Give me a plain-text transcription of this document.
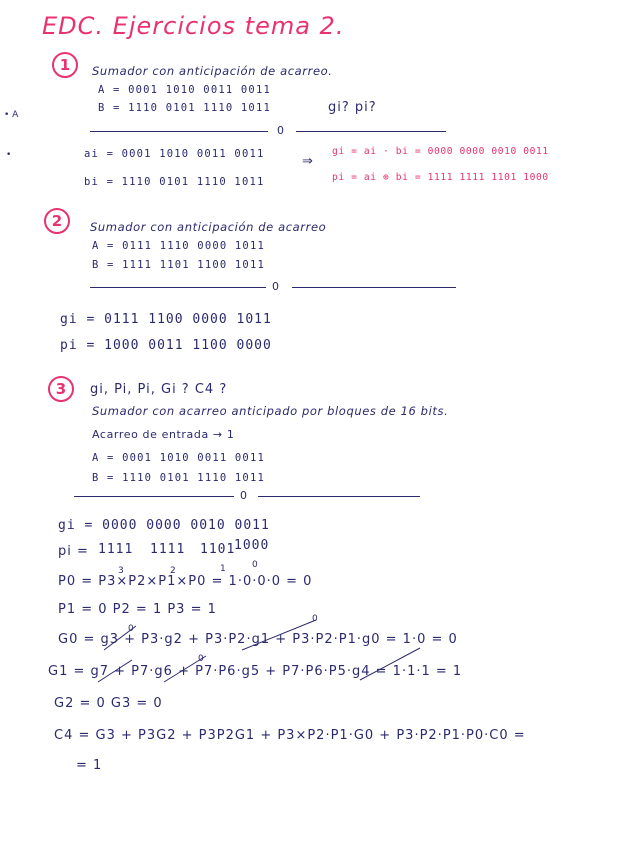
EDC. Ejercicios tema 2.
• A
•
1	Sumador con anticipación de acarreo.
A = 0001 1010 0011 0011
B = 1110 0101 1110 1011	gi? pi?
0
ai = 0001 1010 0011 0011
bi = 1110 0101 1110 1011
⇒
gi = ai · bi = 0000 0000 0010 0011
pi = ai ⊕ bi = 1111 1111 1101 1000
2	Sumador con anticipación de acarreo
A = 0111 1110 0000 1011
B = 1111 1101 1100 1011
0
gi = 0111 1100 0000 1011
pi = 1000 0011 1100 0000
3	gi, Pi, Pi, Gi ? C4 ?
Sumador con acarreo anticipado por bloques de 16 bits.
Acarreo de entrada → 1
A = 0001 1010 0011 0011
B = 1110 0101 1110 1011
0
gi = 0000 0000 0010 0011
pi = 1111 1111 1101
1000
3	2	1	0
P0 = P3×P2×P1×P0 = 1·0·0·0 = 0
P1 = 0 P2 = 1 P3 = 1
G0 = g3 + P3·g2 + P3·P2·g1 + P3·P2·P1·g0 = 1·0 = 0
G1 = g7 + P7·g6 + P7·P6·g5 + P7·P6·P5·g4 = 1·1·1 = 1
G2 = 0 G3 = 0
0
0
0
C4 = G3 + P3G2 + P3P2G1 + P3×P2·P1·G0 + P3·P2·P1·P0·C0 =
= 1
